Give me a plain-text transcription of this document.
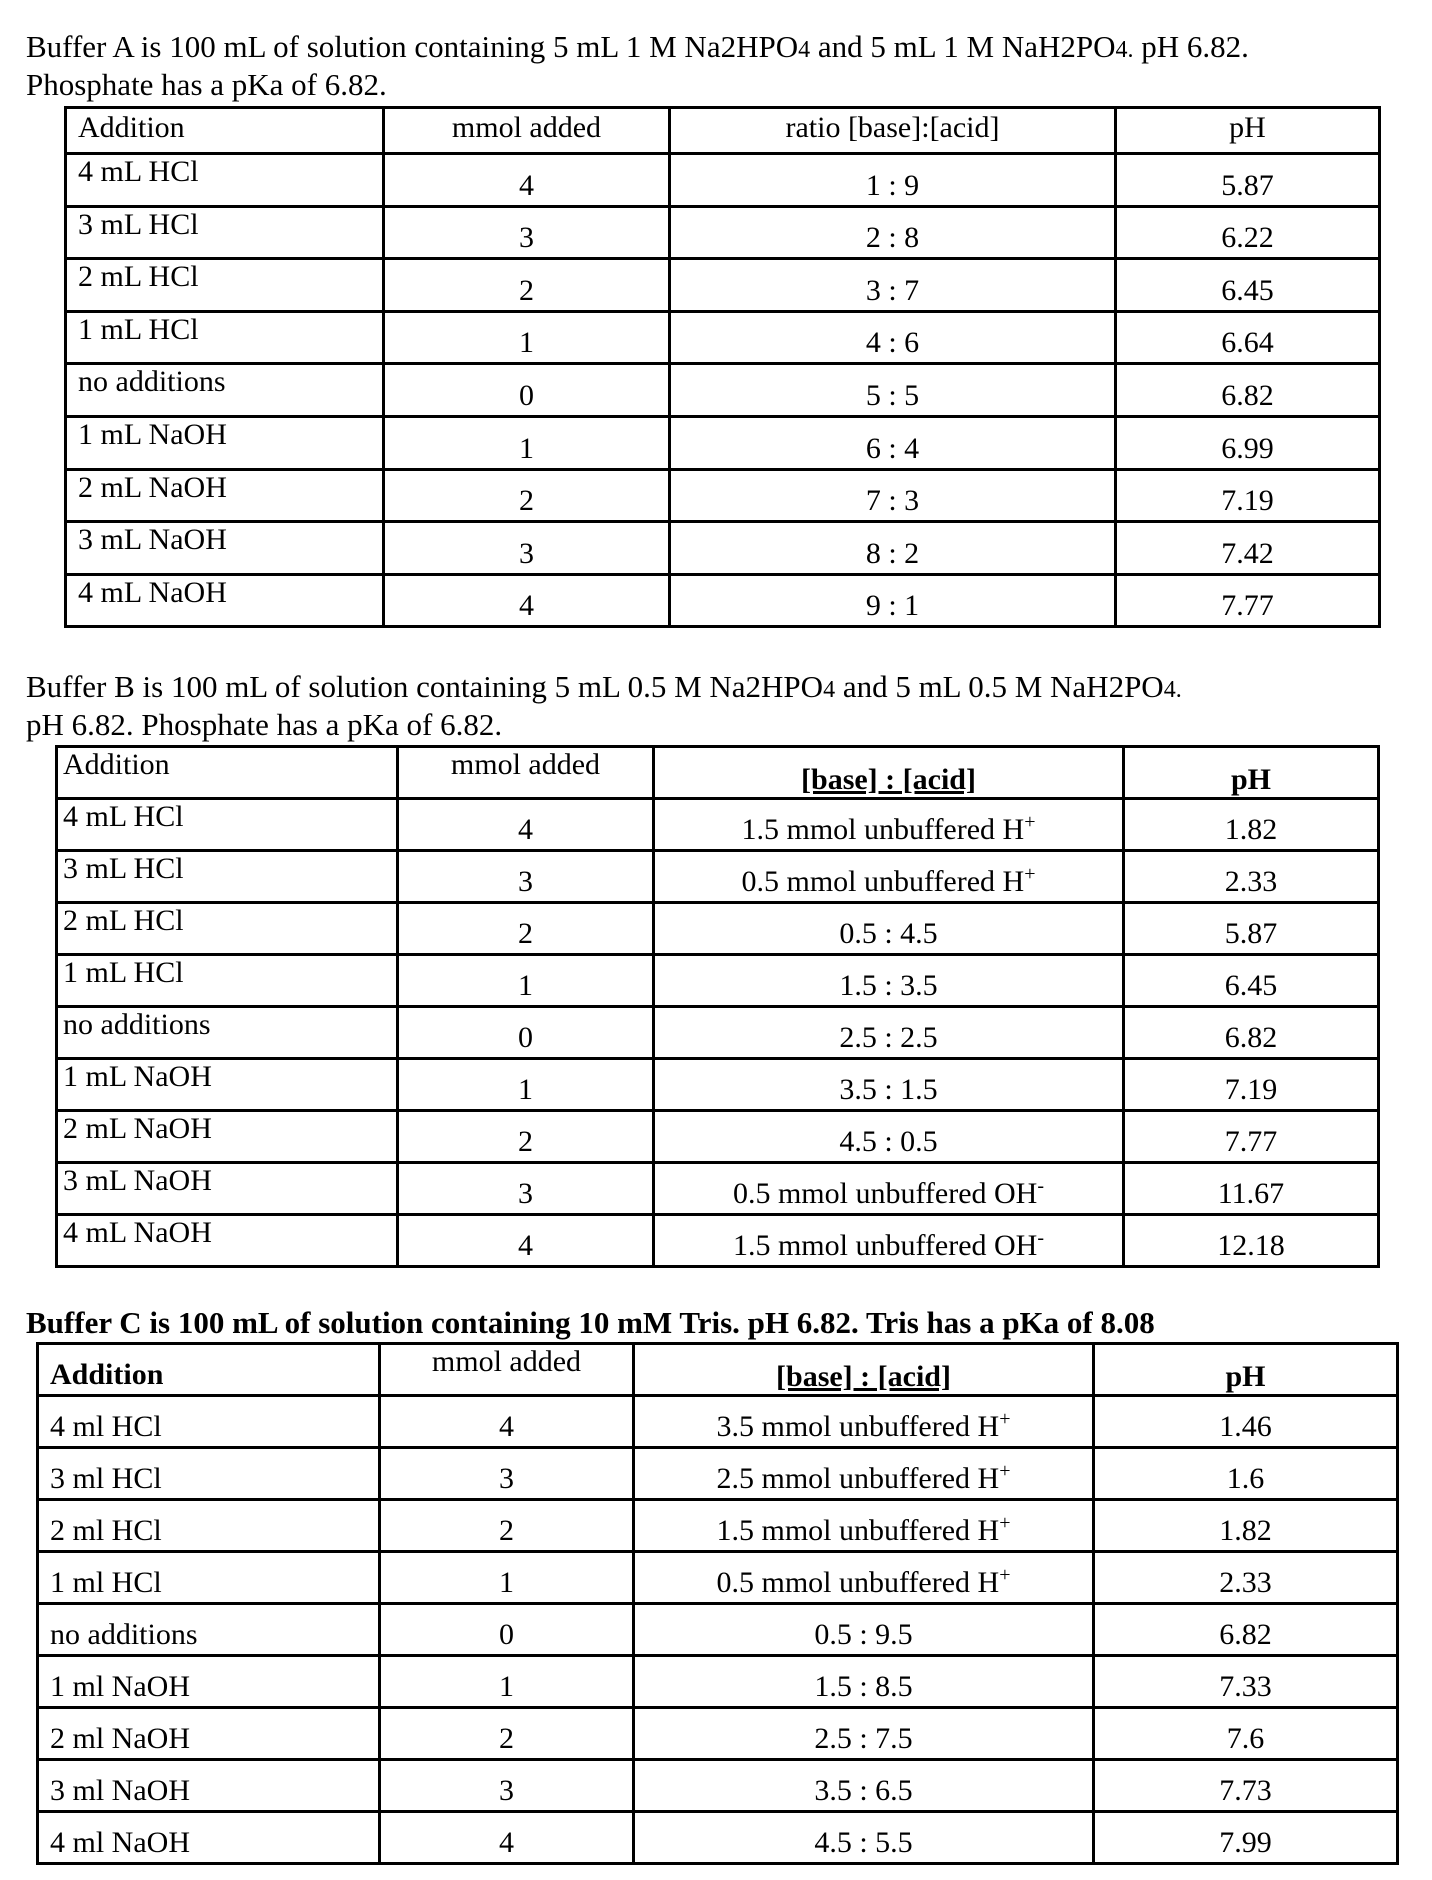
Buffer A is 100 mL of solution containing 5 mL 1 M Na2HPO4 and 5 mL 1 M NaH2PO4. pH 6.82.

Phosphate has a pKa of 6.82.

Addition	mmol added	ratio [base]:[acid]	pH
4 mL HCl	4	1 : 9	5.87
3 mL HCl	3	2 : 8	6.22
2 mL HCl	2	3 : 7	6.45
1 mL HCl	1	4 : 6	6.64
no additions	0	5 : 5	6.82
1 mL NaOH	1	6 : 4	6.99
2 mL NaOH	2	7 : 3	7.19
3 mL NaOH	3	8 : 2	7.42
4 mL NaOH	4	9 : 1	7.77

Buffer B is 100 mL of solution containing 5 mL 0.5 M Na2HPO4 and 5 mL 0.5 M NaH2PO4.

pH 6.82. Phosphate has a pKa of 6.82.

Addition	mmol added	[base] : [acid]	pH
4 mL HCl	4	1.5 mmol unbuffered H+	1.82
3 mL HCl	3	0.5 mmol unbuffered H+	2.33
2 mL HCl	2	0.5 : 4.5	5.87
1 mL HCl	1	1.5 : 3.5	6.45
no additions	0	2.5 : 2.5	6.82
1 mL NaOH	1	3.5 : 1.5	7.19
2 mL NaOH	2	4.5 : 0.5	7.77
3 mL NaOH	3	0.5 mmol unbuffered OH-	11.67
4 mL NaOH	4	1.5 mmol unbuffered OH-	12.18

Buffer C is 100 mL of solution containing 10 mM Tris. pH 6.82. Tris has a pKa of 8.08

Addition	mmol added	[base] : [acid]	pH
4 ml HCl	4	3.5 mmol unbuffered H+	1.46
3 ml HCl	3	2.5 mmol unbuffered H+	1.6
2 ml HCl	2	1.5 mmol unbuffered H+	1.82
1 ml HCl	1	0.5 mmol unbuffered H+	2.33
no additions	0	0.5 : 9.5	6.82
1 ml NaOH	1	1.5 : 8.5	7.33
2 ml NaOH	2	2.5 : 7.5	7.6
3 ml NaOH	3	3.5 : 6.5	7.73
4 ml NaOH	4	4.5 : 5.5	7.99
